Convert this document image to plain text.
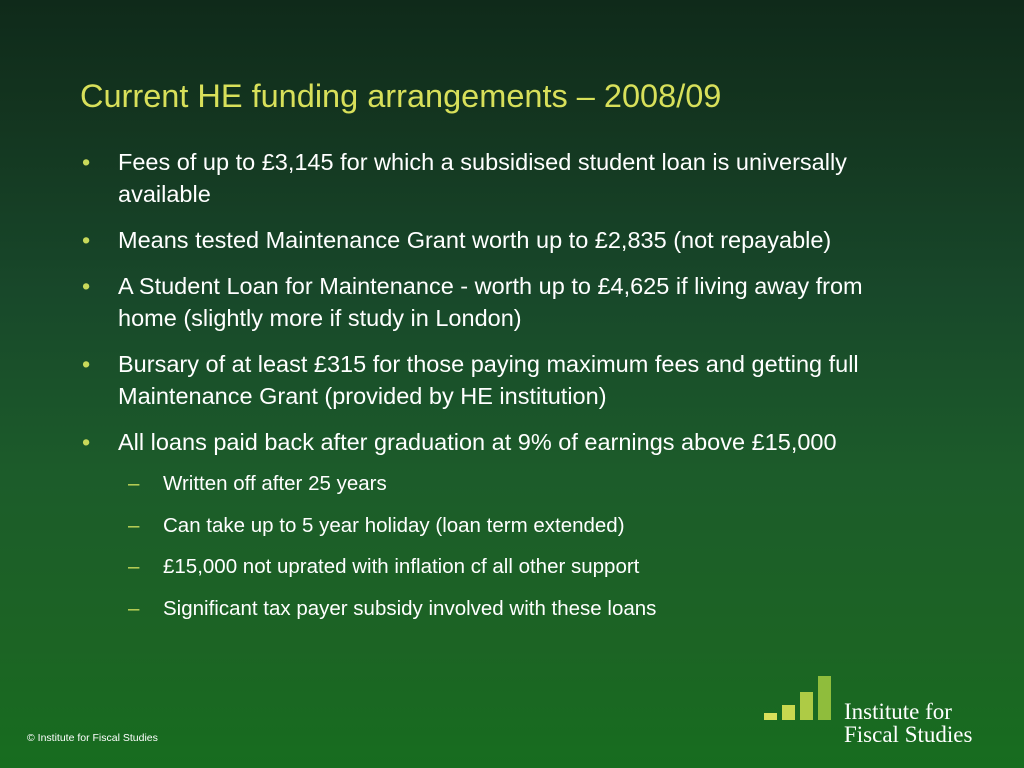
Current HE funding arrangements – 2008/09
• Fees of up to £3,145 for which a subsidised student loan is universally available
• Means tested Maintenance Grant worth up to £2,835 (not repayable)
• A Student Loan for Maintenance - worth up to £4,625 if living away from home (slightly more if study in London)
• Bursary of at least £315 for those paying maximum fees and getting full Maintenance Grant (provided by HE institution)
• All loans paid back after graduation at 9% of earnings above £15,000
– Written off after 25 years
– Can take up to 5 year holiday (loan term extended)
– £15,000 not uprated with inflation cf all other support
– Significant tax payer subsidy involved with these loans
Institute for
Fiscal Studies
© Institute for Fiscal Studies
